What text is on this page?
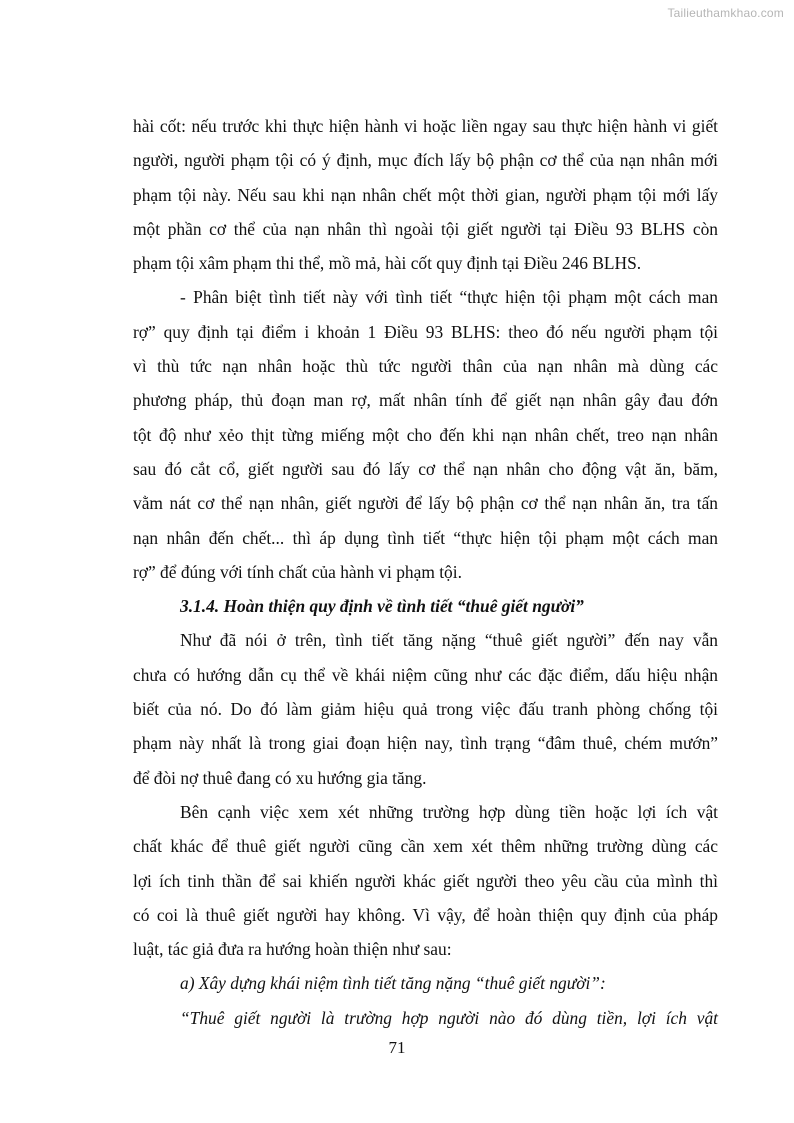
Tailieuthamkhao.com

hài cốt: nếu trước khi thực hiện hành vi hoặc liền ngay sau thực hiện hành vi giết

người, người phạm tội có ý định, mục đích lấy bộ phận cơ thể của nạn nhân mới

phạm tội này. Nếu sau khi nạn nhân chết một thời gian, người phạm tội mới lấy

một phần cơ thể của nạn nhân thì ngoài tội giết người tại Điều 93 BLHS còn

phạm tội xâm phạm thi thể, mồ mả, hài cốt quy định tại Điều 246 BLHS.

- Phân biệt tình tiết này với tình tiết “thực hiện tội phạm một cách man

rợ” quy định tại điểm i khoản 1 Điều 93 BLHS: theo đó nếu người phạm tội

vì thù tức nạn nhân hoặc thù tức người thân của nạn nhân mà dùng các

phương pháp, thủ đoạn man rợ, mất nhân tính để giết nạn nhân gây đau đớn

tột độ như xẻo thịt từng miếng một cho đến khi nạn nhân chết, treo nạn nhân

sau đó cắt cổ, giết người sau đó lấy cơ thể nạn nhân cho động vật ăn, băm,

vằm nát cơ thể nạn nhân, giết người để lấy bộ phận cơ thể nạn nhân ăn, tra tấn

nạn nhân đến chết... thì áp dụng tình tiết “thực hiện tội phạm một cách man

rợ” để đúng với tính chất của hành vi phạm tội.

3.1.4. Hoàn thiện quy định về tình tiết “thuê giết người”

Như đã nói ở trên, tình tiết tăng nặng “thuê giết người” đến nay vẫn

chưa có hướng dẫn cụ thể về khái niệm cũng như các đặc điểm, dấu hiệu nhận

biết của nó. Do đó làm giảm hiệu quả trong việc đấu tranh phòng chống tội

phạm này nhất là trong giai đoạn hiện nay, tình trạng “đâm thuê, chém mướn”

để đòi nợ thuê đang có xu hướng gia tăng.

Bên cạnh việc xem xét những trường hợp dùng tiền hoặc lợi ích vật

chất khác để thuê giết người cũng cần xem xét thêm những trường dùng các

lợi ích tinh thần để sai khiến người khác giết người theo yêu cầu của mình thì

có coi là thuê giết người hay không. Vì vậy, để hoàn thiện quy định của pháp

luật, tác giả đưa ra hướng hoàn thiện như sau:

a) Xây dựng khái niệm tình tiết tăng nặng “thuê giết người”:

“Thuê giết người là trường hợp người nào đó dùng tiền, lợi ích vật

71
